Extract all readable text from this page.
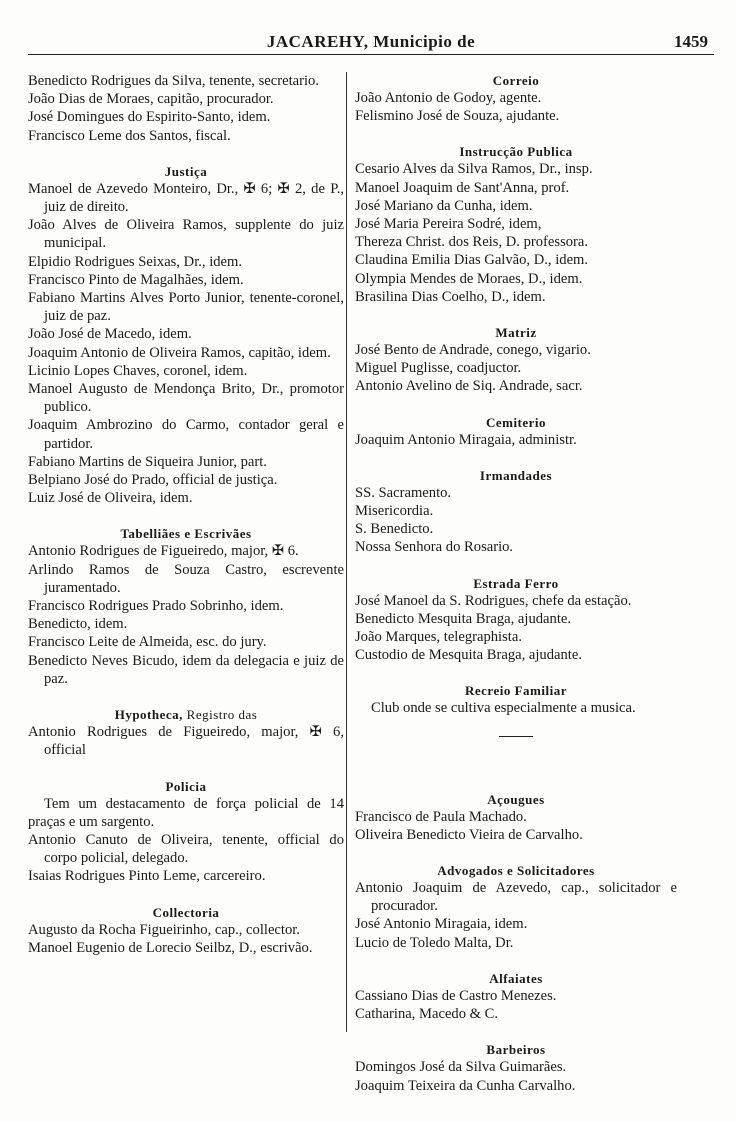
JACAREHY, Municipio de	1459
Benedicto Rodrigues da Silva, tenente, secretario.
João Dias de Moraes, capitão, procurador.
José Domingues do Espirito-Santo, idem.
Francisco Leme dos Santos, fiscal.
Justiça
Manoel de Azevedo Monteiro, Dr., ✠ 6; ✠ 2, de P., juiz de direito.
João Alves de Oliveira Ramos, supplente do juiz municipal.
Elpidio Rodrigues Seixas, Dr., idem.
Francisco Pinto de Magalhães, idem.
Fabiano Martins Alves Porto Junior, tenente-coronel, juiz de paz.
João José de Macedo, idem.
Joaquim Antonio de Oliveira Ramos, capitão, idem.
Licinio Lopes Chaves, coronel, idem.
Manoel Augusto de Mendonça Brito, Dr., promotor publico.
Joaquim Ambrozino do Carmo, contador geral e partidor.
Fabiano Martins de Siqueira Junior, part.
Belpiano José do Prado, official de justiça.
Luiz José de Oliveira, idem.
Tabelliães e Escrivães
Antonio Rodrigues de Figueiredo, major, ✠ 6.
Arlindo Ramos de Souza Castro, escrevente juramentado.
Francisco Rodrigues Prado Sobrinho, idem.
Benedicto, idem.
Francisco Leite de Almeida, esc. do jury.
Benedicto Neves Bicudo, idem da delegacia e juiz de paz.
Hypotheca, Registro das
Antonio Rodrigues de Figueiredo, major, ✠ 6, official
Policia
Tem um destacamento de força policial de 14 praças e um sargento.
Antonio Canuto de Oliveira, tenente, official do corpo policial, delegado.
Isaias Rodrigues Pinto Leme, carcereiro.
Collectoria
Augusto da Rocha Figueirinho, cap., collector.
Manoel Eugenio de Lorecio Seilbz, D., escrivão.
Correio
João Antonio de Godoy, agente.
Felismino José de Souza, ajudante.
Instrucção Publica
Cesario Alves da Silva Ramos, Dr., insp.
Manoel Joaquim de Sant'Anna, prof.
José Mariano da Cunha, idem.
José Maria Pereira Sodré, idem,
Thereza Christ. dos Reis, D. professora.
Claudina Emilia Dias Galvão, D., idem.
Olympia Mendes de Moraes, D., idem.
Brasilina Dias Coelho, D., idem.
Matriz
José Bento de Andrade, conego, vigario.
Miguel Puglisse, coadjuctor.
Antonio Avelino de Siq. Andrade, sacr.
Cemiterio
Joaquim Antonio Miragaia, administr.
Irmandades
SS. Sacramento.
Misericordia.
S. Benedicto.
Nossa Senhora do Rosario.
Estrada Ferro
José Manoel da S. Rodrigues, chefe da estação.
Benedicto Mesquita Braga, ajudante.
João Marques, telegraphista.
Custodio de Mesquita Braga, ajudante.
Recreio Familiar
Club onde se cultiva especialmente a musica.
Açougues
Francisco de Paula Machado.
Oliveira Benedicto Vieira de Carvalho.
Advogados e Solicitadores
Antonio Joaquim de Azevedo, cap., solicitador e procurador.
José Antonio Miragaia, idem.
Lucio de Toledo Malta, Dr.
Alfaiates
Cassiano Dias de Castro Menezes.
Catharina, Macedo & C.
Barbeiros
Domingos José da Silva Guimarães.
Joaquim Teixeira da Cunha Carvalho.
